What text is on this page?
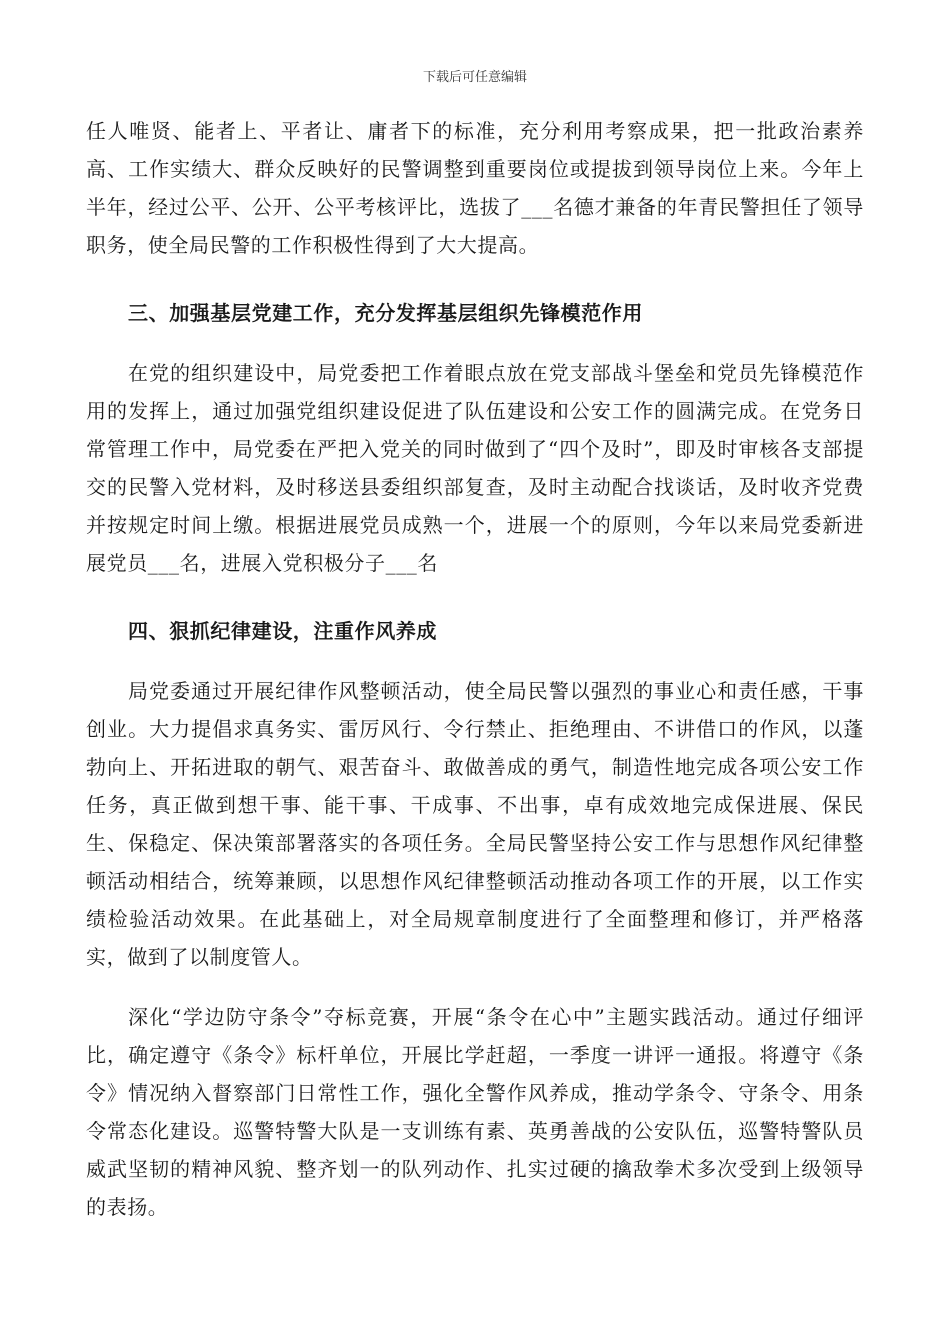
下载后可任意编辑

任人唯贤、能者上、平者让、庸者下的标准，充分利用考察成果，把一批政治素养高、工作实绩大、群众反映好的民警调整到重要岗位或提拔到领导岗位上来。今年上半年，经过公平、公开、公平考核评比，选拔了___名德才兼备的年青民警担任了领导职务，使全局民警的工作积极性得到了大大提高。

三、加强基层党建工作，充分发挥基层组织先锋模范作用

在党的组织建设中，局党委把工作着眼点放在党支部战斗堡垒和党员先锋模范作用的发挥上，通过加强党组织建设促进了队伍建设和公安工作的圆满完成。在党务日常管理工作中，局党委在严把入党关的同时做到了“四个及时”，即及时审核各支部提交的民警入党材料，及时移送县委组织部复查，及时主动配合找谈话，及时收齐党费并按规定时间上缴。根据进展党员成熟一个，进展一个的原则，今年以来局党委新进展党员___名，进展入党积极分子___名

四、狠抓纪律建设，注重作风养成

局党委通过开展纪律作风整顿活动，使全局民警以强烈的事业心和责任感，干事创业。大力提倡求真务实、雷厉风行、令行禁止、拒绝理由、不讲借口的作风，以蓬勃向上、开拓进取的朝气、艰苦奋斗、敢做善成的勇气，制造性地完成各项公安工作任务，真正做到想干事、能干事、干成事、不出事，卓有成效地完成保进展、保民生、保稳定、保决策部署落实的各项任务。全局民警坚持公安工作与思想作风纪律整顿活动相结合，统筹兼顾，以思想作风纪律整顿活动推动各项工作的开展，以工作实绩检验活动效果。在此基础上，对全局规章制度进行了全面整理和修订，并严格落实，做到了以制度管人。

深化“学边防守条令”夺标竞赛，开展“条令在心中”主题实践活动。通过仔细评比，确定遵守《条令》标杆单位，开展比学赶超，一季度一讲评一通报。将遵守《条令》情况纳入督察部门日常性工作，强化全警作风养成，推动学条令、守条令、用条令常态化建设。巡警特警大队是一支训练有素、英勇善战的公安队伍，巡警特警队员威武坚韧的精神风貌、整齐划一的队列动作、扎实过硬的擒敌拳术多次受到上级领导的表扬。
